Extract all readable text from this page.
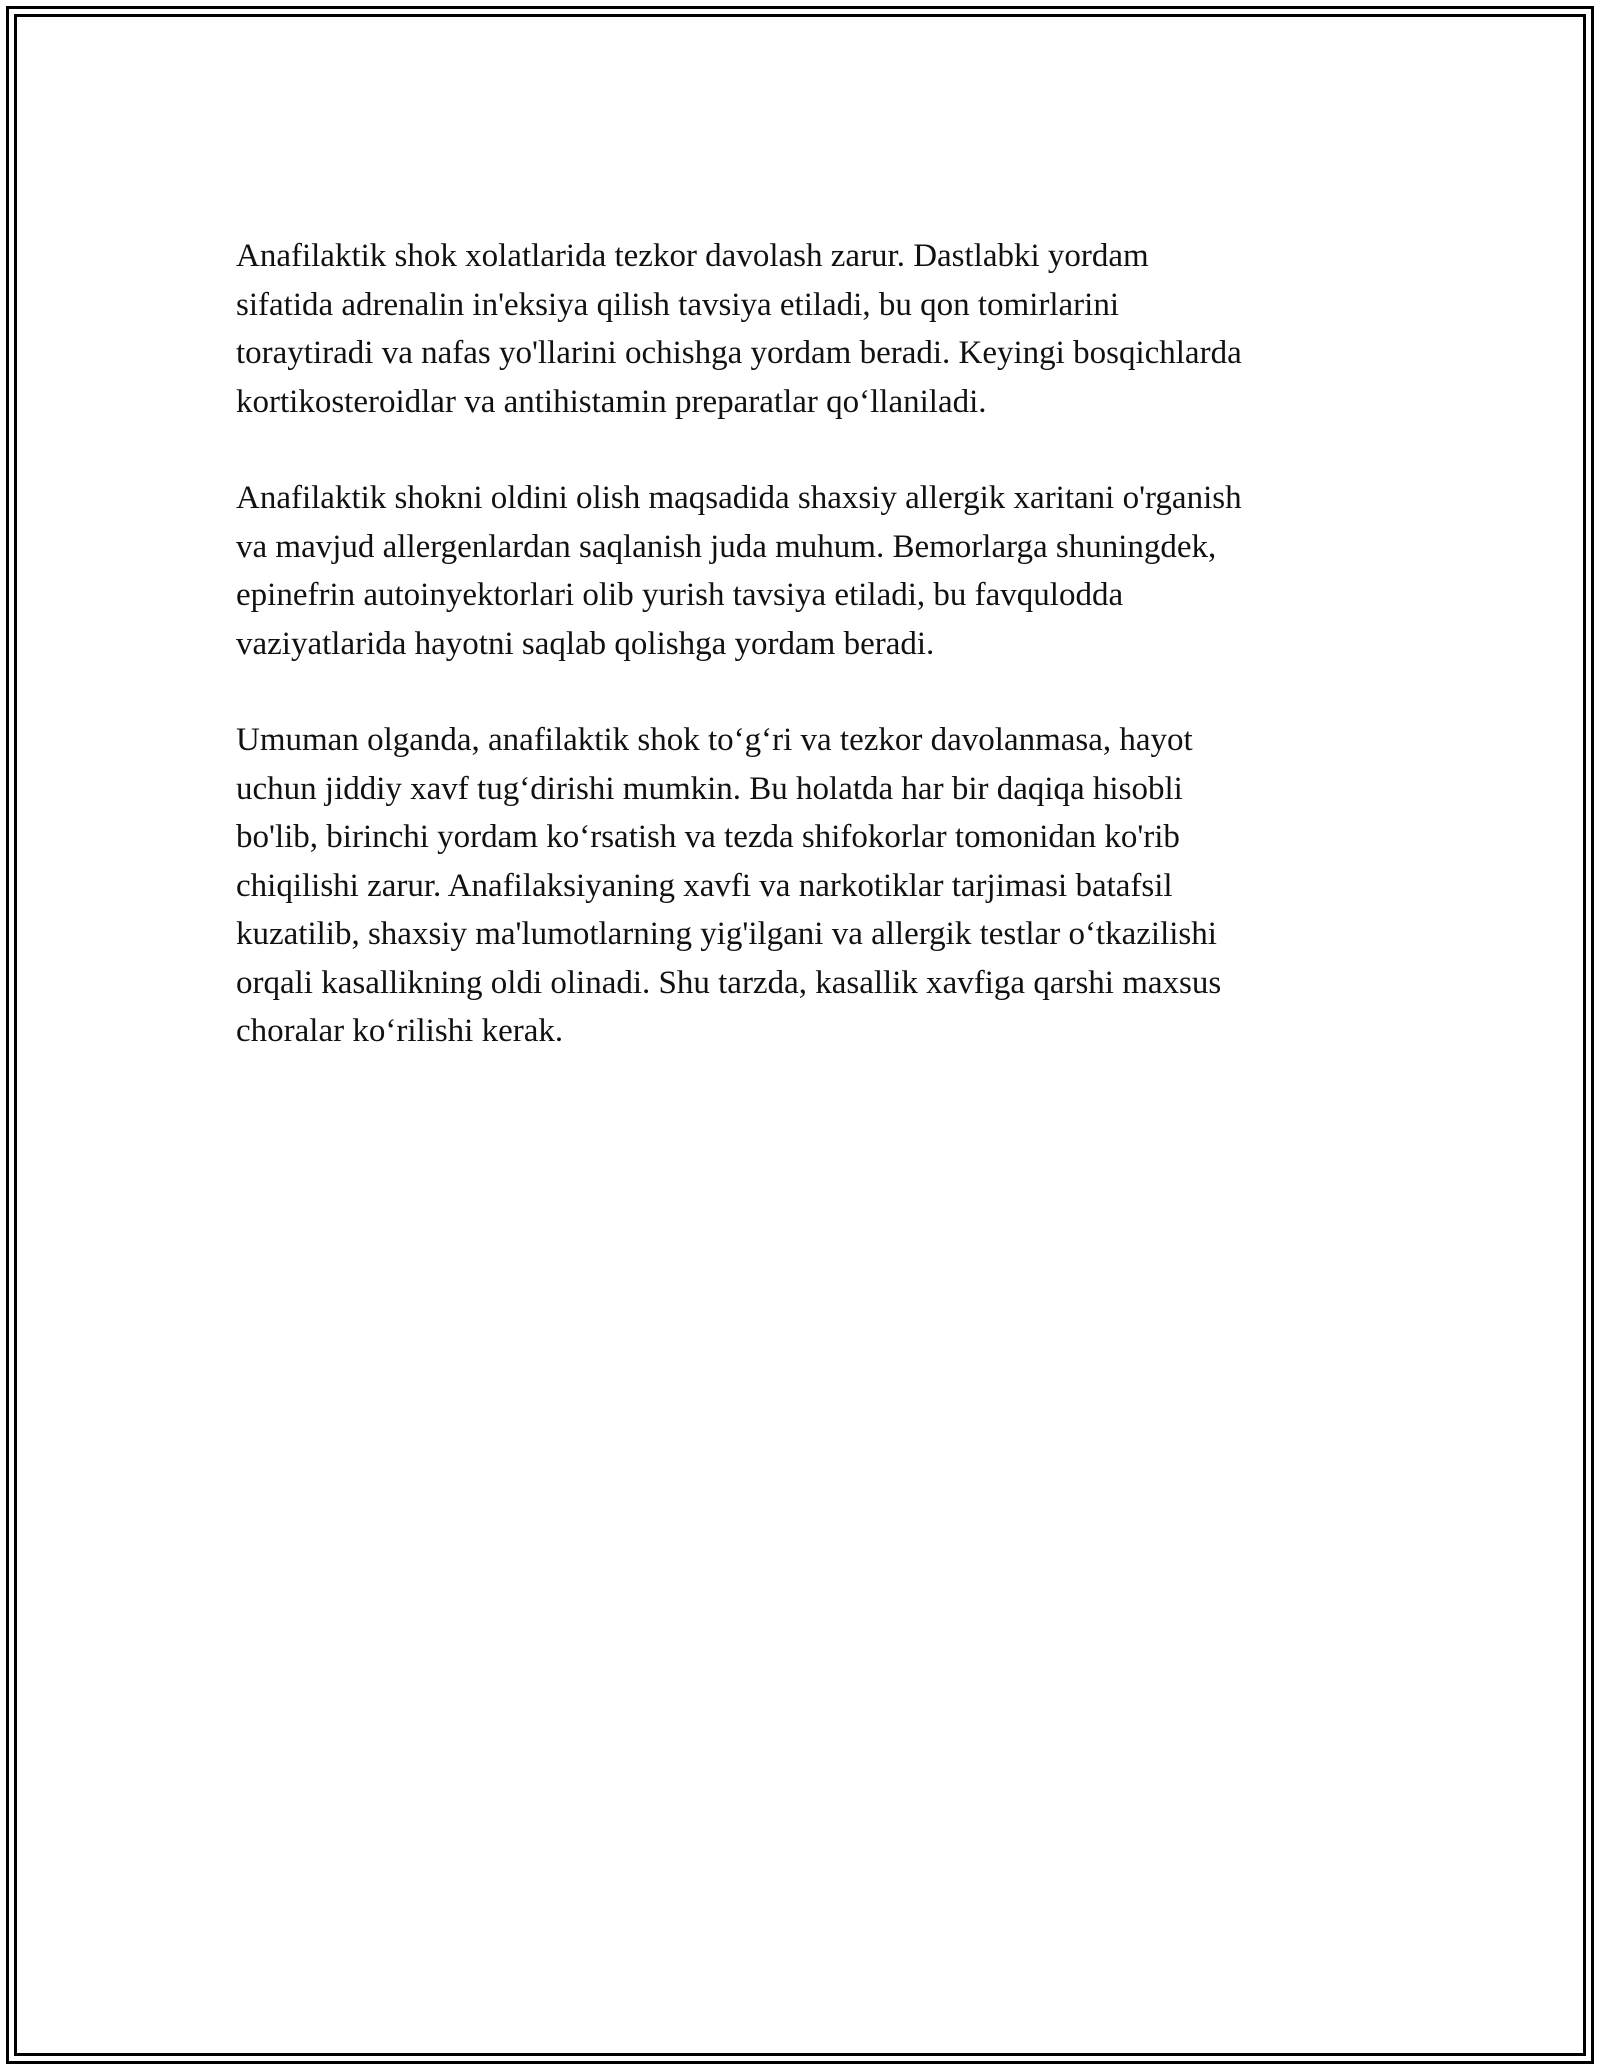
Anafilaktik shok xolatlarida tezkor davolash zarur. Dastlabki yordam
sifatida adrenalin in'eksiya qilish tavsiya etiladi, bu qon tomirlarini
toraytiradi va nafas yo'llarini ochishga yordam beradi. Keyingi bosqichlarda
kortikosteroidlar va antihistamin preparatlar qo‘llaniladi.

Anafilaktik shokni oldini olish maqsadida shaxsiy allergik xaritani o'rganish
va mavjud allergenlardan saqlanish juda muhum. Bemorlarga shuningdek,
epinefrin autoinyektorlari olib yurish tavsiya etiladi, bu favqulodda
vaziyatlarida hayotni saqlab qolishga yordam beradi.

Umuman olganda, anafilaktik shok to‘g‘ri va tezkor davolanmasa, hayot
uchun jiddiy xavf tug‘dirishi mumkin. Bu holatda har bir daqiqa hisobli
bo'lib, birinchi yordam ko‘rsatish va tezda shifokorlar tomonidan ko'rib
chiqilishi zarur. Anafilaksiyaning xavfi va narkotiklar tarjimasi batafsil
kuzatilib, shaxsiy ma'lumotlarning yig'ilgani va allergik testlar o‘tkazilishi
orqali kasallikning oldi olinadi. Shu tarzda, kasallik xavfiga qarshi maxsus
choralar ko‘rilishi kerak.
